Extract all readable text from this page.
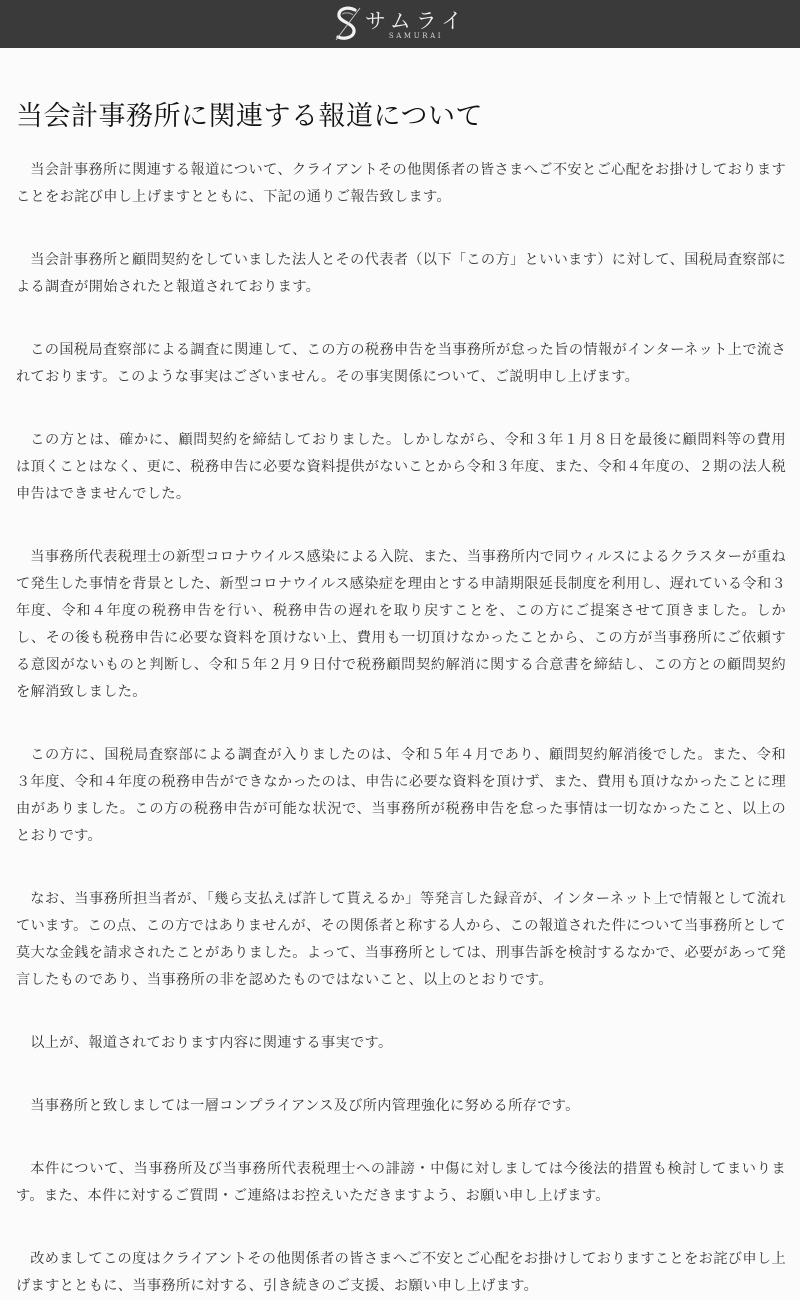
サムライ
SAMURAI
当会計事務所に関連する報道について

当会計事務所に関連する報道について、クライアントその他関係者の皆さまへご不安とご心配をお掛けしておりますことをお詫び申し上げますとともに、下記の通りご報告致します。

当会計事務所と顧問契約をしていました法人とその代表者（以下「この方」といいます）に対して、国税局査察部による調査が開始されたと報道されております。

この国税局査察部による調査に関連して、この方の税務申告を当事務所が怠った旨の情報がインターネット上で流されております。このような事実はございません。その事実関係について、ご説明申し上げます。

この方とは、確かに、顧問契約を締結しておりました。しかしながら、令和３年１月８日を最後に顧問料等の費用は頂くことはなく、更に、税務申告に必要な資料提供がないことから令和３年度、また、令和４年度の、２期の法人税申告はできませんでした。

当事務所代表税理士の新型コロナウイルス感染による入院、また、当事務所内で同ウィルスによるクラスターが重ねて発生した事情を背景とした、新型コロナウイルス感染症を理由とする申請期限延長制度を利用し、遅れている令和３年度、令和４年度の税務申告を行い、税務申告の遅れを取り戻すことを、この方にご提案させて頂きました。しかし、その後も税務申告に必要な資料を頂けない上、費用も一切頂けなかったことから、この方が当事務所にご依頼する意図がないものと判断し、令和５年２月９日付で税務顧問契約解消に関する合意書を締結し、この方との顧問契約を解消致しました。

この方に、国税局査察部による調査が入りましたのは、令和５年４月であり、顧問契約解消後でした。また、令和３年度、令和４年度の税務申告ができなかったのは、申告に必要な資料を頂けず、また、費用も頂けなかったことに理由がありました。この方の税務申告が可能な状況で、当事務所が税務申告を怠った事情は一切なかったこと、以上のとおりです。

なお、当事務所担当者が、「幾ら支払えば許して貰えるか」等発言した録音が、インターネット上で情報として流れています。この点、この方ではありませんが、その関係者と称する人から、この報道された件について当事務所として莫大な金銭を請求されたことがありました。よって、当事務所としては、刑事告訴を検討するなかで、必要があって発言したものであり、当事務所の非を認めたものではないこと、以上のとおりです。

以上が、報道されております内容に関連する事実です。

当事務所と致しましては一層コンプライアンス及び所内管理強化に努める所存です。

本件について、当事務所及び当事務所代表税理士への誹謗・中傷に対しましては今後法的措置も検討してまいります。また、本件に対するご質問・ご連絡はお控えいただきますよう、お願い申し上げます。

改めましてこの度はクライアントその他関係者の皆さまへご不安とご心配をお掛けしておりますことをお詫び申し上げますとともに、当事務所に対する、引き続きのご支援、お願い申し上げます。
